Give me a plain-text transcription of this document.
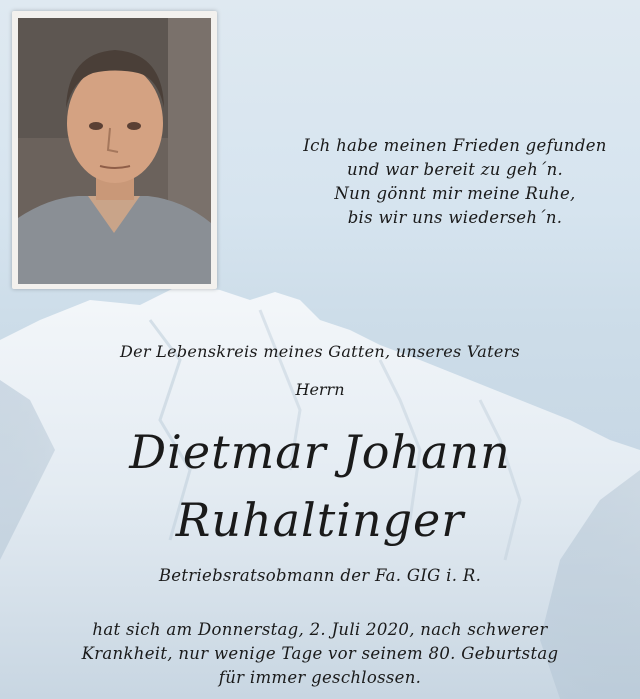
Ich habe meinen Frieden gefunden
und war bereit zu geh´n.
Nun gönnt mir meine Ruhe,
bis wir uns wiederseh´n.
Der Lebenskreis meines Gatten, unseres Vaters
Herrn
Dietmar Johann
Ruhaltinger
Betriebsratsobmann der Fa. GIG i. R.
hat sich am Donnerstag, 2. Juli 2020, nach schwerer
Krankheit, nur wenige Tage vor seinem 80. Geburtstag
für immer geschlossen.
